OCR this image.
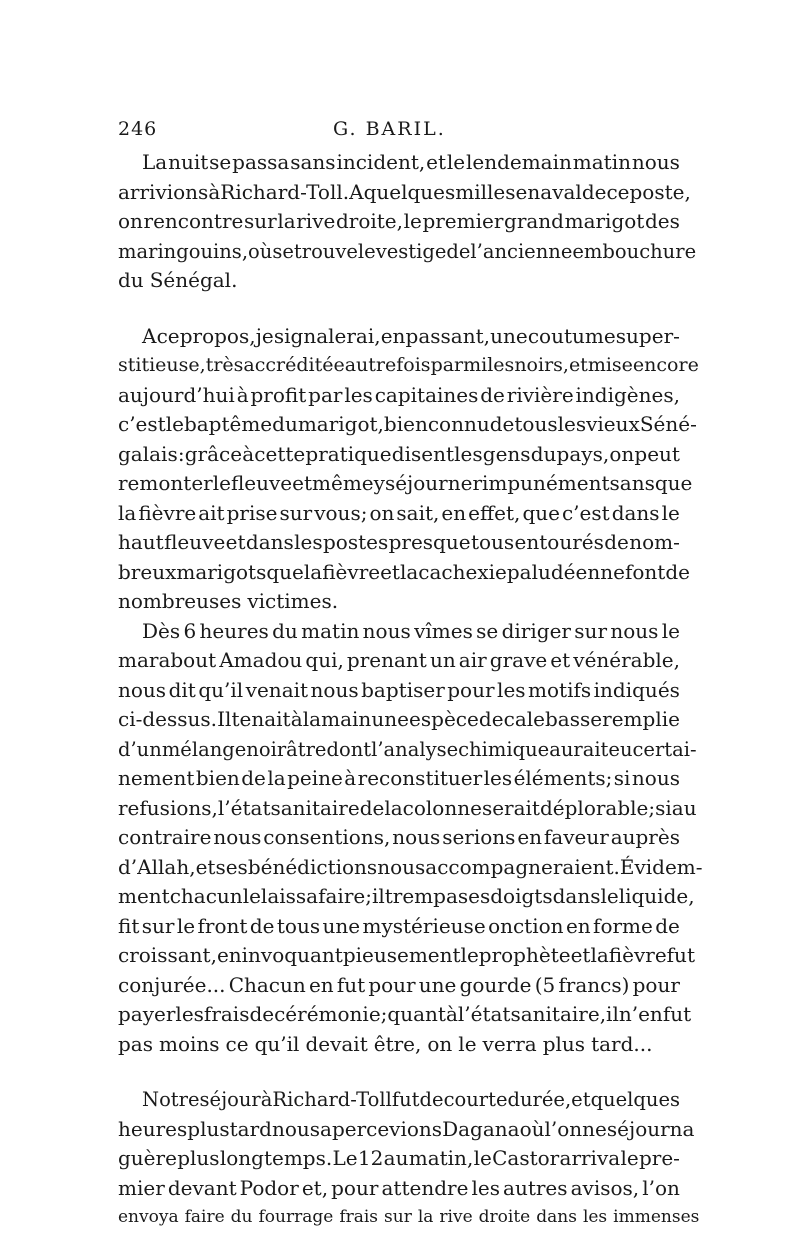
246	G. BARIL.
La nuit se passa sans incident, et le lendemain matin nous
arrivions à Richard-Toll. A quelques milles en aval de ce poste,
on rencontre sur la rive droite, le premier grand marigot des
maringouins, où se trouve le vestige de l’ancienne embouchure
du Sénégal.
A ce propos, je signalerai, en passant, une coutume super-
stitieuse, très accréditée autrefois parmi les noirs, et mise encore
aujourd’hui à profit par les capitaines de rivière indigènes,
c’est le baptême du marigot, bien connu de tous les vieux Séné-
galais : grâce à cette pratique disent les gens du pays, on peut
remonter le fleuve et même y séjourner impunément sans que
la fièvre ait prise sur vous; on sait, en effet, que c’est dans le
haut fleuve et dans les postes presque tous entourés de nom-
breux marigots que la fièvre et la cachexie paludéenne font de
nombreuses victimes.
Dès 6 heures du matin nous vîmes se diriger sur nous le
marabout Amadou qui, prenant un air grave et vénérable,
nous dit qu’il venait nous baptiser pour les motifs indiqués
ci-dessus. Il tenait à la main une espèce de calebasse remplie
d’un mélange noirâtre dont l’analyse chimique aurait eu certai-
nement bien de la peine à reconstituer les éléments; si nous
refusions, l’état sanitaire de la colonne serait déplorable; si au
contraire nous consentions, nous serions en faveur auprès
d’Allah, et ses bénédictions nous accompagneraient. Évidem-
ment chacun le laissa faire; il trempa ses doigts dans le liquide,
fit sur le front de tous une mystérieuse onction en forme de
croissant, en invoquant pieusement le prophète et la fièvre fut
conjurée... Chacun en fut pour une gourde (5 francs) pour
payer les frais de cérémonie; quant à l’état sanitaire, il n’en fut
pas moins ce qu’il devait être, on le verra plus tard...
Notre séjour à Richard-Toll fut de courte durée, et quelques
heures plus tard nous apercevions Dagana où l’on ne séjourna
guère plus longtemps. Le 12 au matin, le Castor arriva le pre-
mier devant Podor et, pour attendre les autres avisos, l’on
envoya faire du fourrage frais sur la rive droite dans les immenses
